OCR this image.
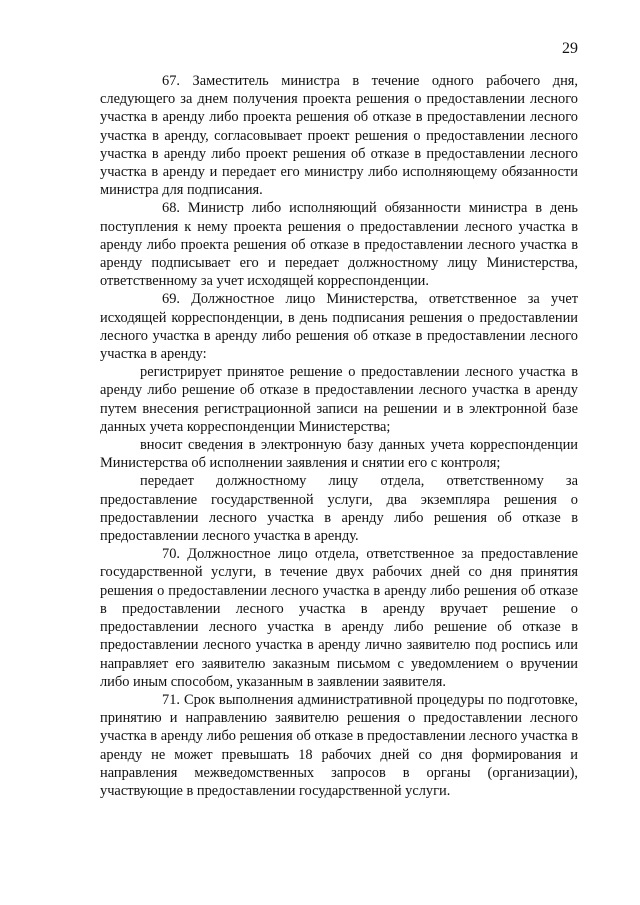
29

67. Заместитель министра в течение одного рабочего дня, следующего за днем получения проекта решения о предоставлении лесного участка в аренду либо проекта решения об отказе в предоставлении лесного участка в аренду, согласовывает проект решения о предоставлении лесного участка в аренду либо проект решения об отказе в предоставлении лесного участка в аренду и передает его министру либо исполняющему обязанности министра для подписания.

68. Министр либо исполняющий обязанности министра в день поступления к нему проекта решения о предоставлении лесного участка в аренду либо проекта решения об отказе в предоставлении лесного участка в аренду подписывает его и передает должностному лицу Министерства, ответственному за учет исходящей корреспонденции.

69. Должностное лицо Министерства, ответственное за учет исходящей корреспонденции, в день подписания решения о предоставлении лесного участка в аренду либо решения об отказе в предоставлении лесного участка в аренду:

регистрирует принятое решение о предоставлении лесного участка в аренду либо решение об отказе в предоставлении лесного участка в аренду путем внесения регистрационной записи на решении и в электронной базе данных учета корреспонденции Министерства;

вносит сведения в электронную базу данных учета корреспонденции Министерства об исполнении заявления и снятии его с контроля;

передает должностному лицу отдела, ответственному за предоставление государственной услуги, два экземпляра решения о предоставлении лесного участка в аренду либо решения об отказе в предоставлении лесного участка в аренду.

70. Должностное лицо отдела, ответственное за предоставление государственной услуги, в течение двух рабочих дней со дня принятия решения о предоставлении лесного участка в аренду либо решения об отказе в предоставлении лесного участка в аренду вручает решение о предоставлении лесного участка в аренду либо решение об отказе в предоставлении лесного участка в аренду лично заявителю под роспись или направляет его заявителю заказным письмом с уведомлением о вручении либо иным способом, указанным в заявлении заявителя.

71. Срок выполнения административной процедуры по подготовке, принятию и направлению заявителю решения о предоставлении лесного участка в аренду либо решения об отказе в предоставлении лесного участка в аренду не может превышать 18 рабочих дней со дня формирования и направления межведомственных запросов в органы (организации), участвующие в предоставлении государственной услуги.
